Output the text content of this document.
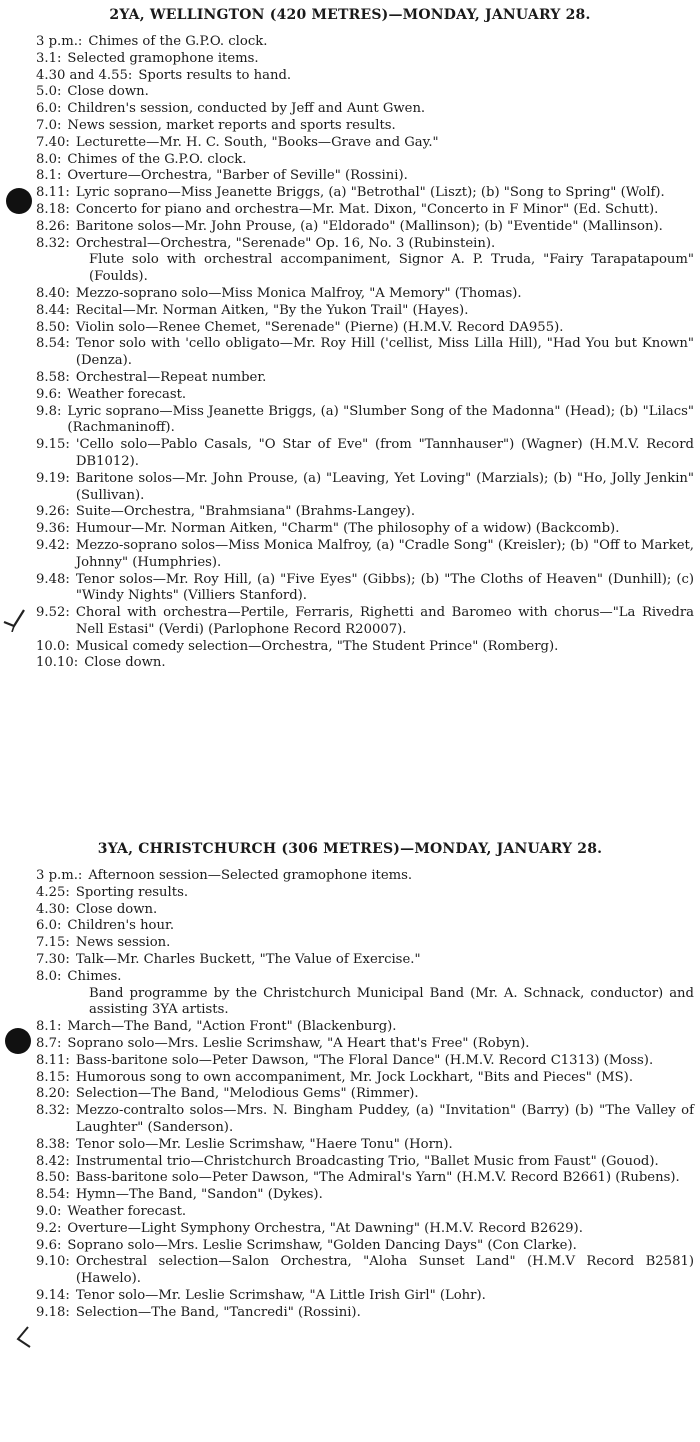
2YA, WELLINGTON (420 METRES)—MONDAY, JANUARY 28.
3 p.m.: Chimes of the G.P.O. clock.
3.1: Selected gramophone items.
4.30 and 4.55: Sports results to hand.
5.0: Close down.
6.0: Children's session, conducted by Jeff and Aunt Gwen.
7.0: News session, market reports and sports results.
7.40: Lecturette—Mr. H. C. South, "Books—Grave and Gay."
8.0: Chimes of the G.P.O. clock.
8.1: Overture—Orchestra, "Barber of Seville" (Rossini).
8.11: Lyric soprano—Miss Jeanette Briggs, (a) "Betrothal" (Liszt); (b) "Song to Spring" (Wolf).
8.18: Concerto for piano and orchestra—Mr. Mat. Dixon, "Concerto in F Minor" (Ed. Schutt).
8.26: Baritone solos—Mr. John Prouse, (a) "Eldorado" (Mallinson); (b) "Eventide" (Mallinson).
8.32: Orchestral—Orchestra, "Serenade" Op. 16, No. 3 (Rubinstein).
Flute solo with orchestral accompaniment, Signor A. P. Truda, "Fairy Tarapatapoum" (Foulds).
8.40: Mezzo-soprano solo—Miss Monica Malfroy, "A Memory" (Thomas).
8.44: Recital—Mr. Norman Aitken, "By the Yukon Trail" (Hayes).
8.50: Violin solo—Renee Chemet, "Serenade" (Pierne) (H.M.V. Record DA955).
8.54: Tenor solo with 'cello obligato—Mr. Roy Hill ('cellist, Miss Lilla Hill), "Had You but Known" (Denza).
8.58: Orchestral—Repeat number.
9.6: Weather forecast.
9.8: Lyric soprano—Miss Jeanette Briggs, (a) "Slumber Song of the Madonna" (Head); (b) "Lilacs" (Rachmaninoff).
9.15: 'Cello solo—Pablo Casals, "O Star of Eve" (from "Tannhauser") (Wagner) (H.M.V. Record DB1012).
9.19: Baritone solos—Mr. John Prouse, (a) "Leaving, Yet Loving" (Marzials); (b) "Ho, Jolly Jenkin" (Sullivan).
9.26: Suite—Orchestra, "Brahmsiana" (Brahms-Langey).
9.36: Humour—Mr. Norman Aitken, "Charm" (The philosophy of a widow) (Backcomb).
9.42: Mezzo-soprano solos—Miss Monica Malfroy, (a) "Cradle Song" (Kreisler); (b) "Off to Market, Johnny" (Humphries).
9.48: Tenor solos—Mr. Roy Hill, (a) "Five Eyes" (Gibbs); (b) "The Cloths of Heaven" (Dunhill); (c) "Windy Nights" (Villiers Stanford).
9.52: Choral with orchestra—Pertile, Ferraris, Righetti and Baromeo with chorus—"La Rivedra Nell Estasi" (Verdi) (Parlophone Record R20007).
10.0: Musical comedy selection—Orchestra, "The Student Prince" (Romberg).
10.10: Close down.
3YA, CHRISTCHURCH (306 METRES)—MONDAY, JANUARY 28.
3 p.m.: Afternoon session—Selected gramophone items.
4.25: Sporting results.
4.30: Close down.
6.0: Children's hour.
7.15: News session.
7.30: Talk—Mr. Charles Buckett, "The Value of Exercise."
8.0: Chimes.
Band programme by the Christchurch Municipal Band (Mr. A. Schnack, conductor) and assisting 3YA artists.
8.1: March—The Band, "Action Front" (Blackenburg).
8.7: Soprano solo—Mrs. Leslie Scrimshaw, "A Heart that's Free" (Robyn).
8.11: Bass-baritone solo—Peter Dawson, "The Floral Dance" (H.M.V. Record C1313) (Moss).
8.15: Humorous song to own accompaniment, Mr. Jock Lockhart, "Bits and Pieces" (MS).
8.20: Selection—The Band, "Melodious Gems" (Rimmer).
8.32: Mezzo-contralto solos—Mrs. N. Bingham Puddey, (a) "Invitation" (Barry) (b) "The Valley of Laughter" (Sanderson).
8.38: Tenor solo—Mr. Leslie Scrimshaw, "Haere Tonu" (Horn).
8.42: Instrumental trio—Christchurch Broadcasting Trio, "Ballet Music from Faust" (Gouod).
8.50: Bass-baritone solo—Peter Dawson, "The Admiral's Yarn" (H.M.V. Record B2661) (Rubens).
8.54: Hymn—The Band, "Sandon" (Dykes).
9.0: Weather forecast.
9.2: Overture—Light Symphony Orchestra, "At Dawning" (H.M.V. Record B2629).
9.6: Soprano solo—Mrs. Leslie Scrimshaw, "Golden Dancing Days" (Con Clarke).
9.10: Orchestral selection—Salon Orchestra, "Aloha Sunset Land" (H.M.V Record B2581) (Hawelo).
9.14: Tenor solo—Mr. Leslie Scrimshaw, "A Little Irish Girl" (Lohr).
9.18: Selection—The Band, "Tancredi" (Rossini).
